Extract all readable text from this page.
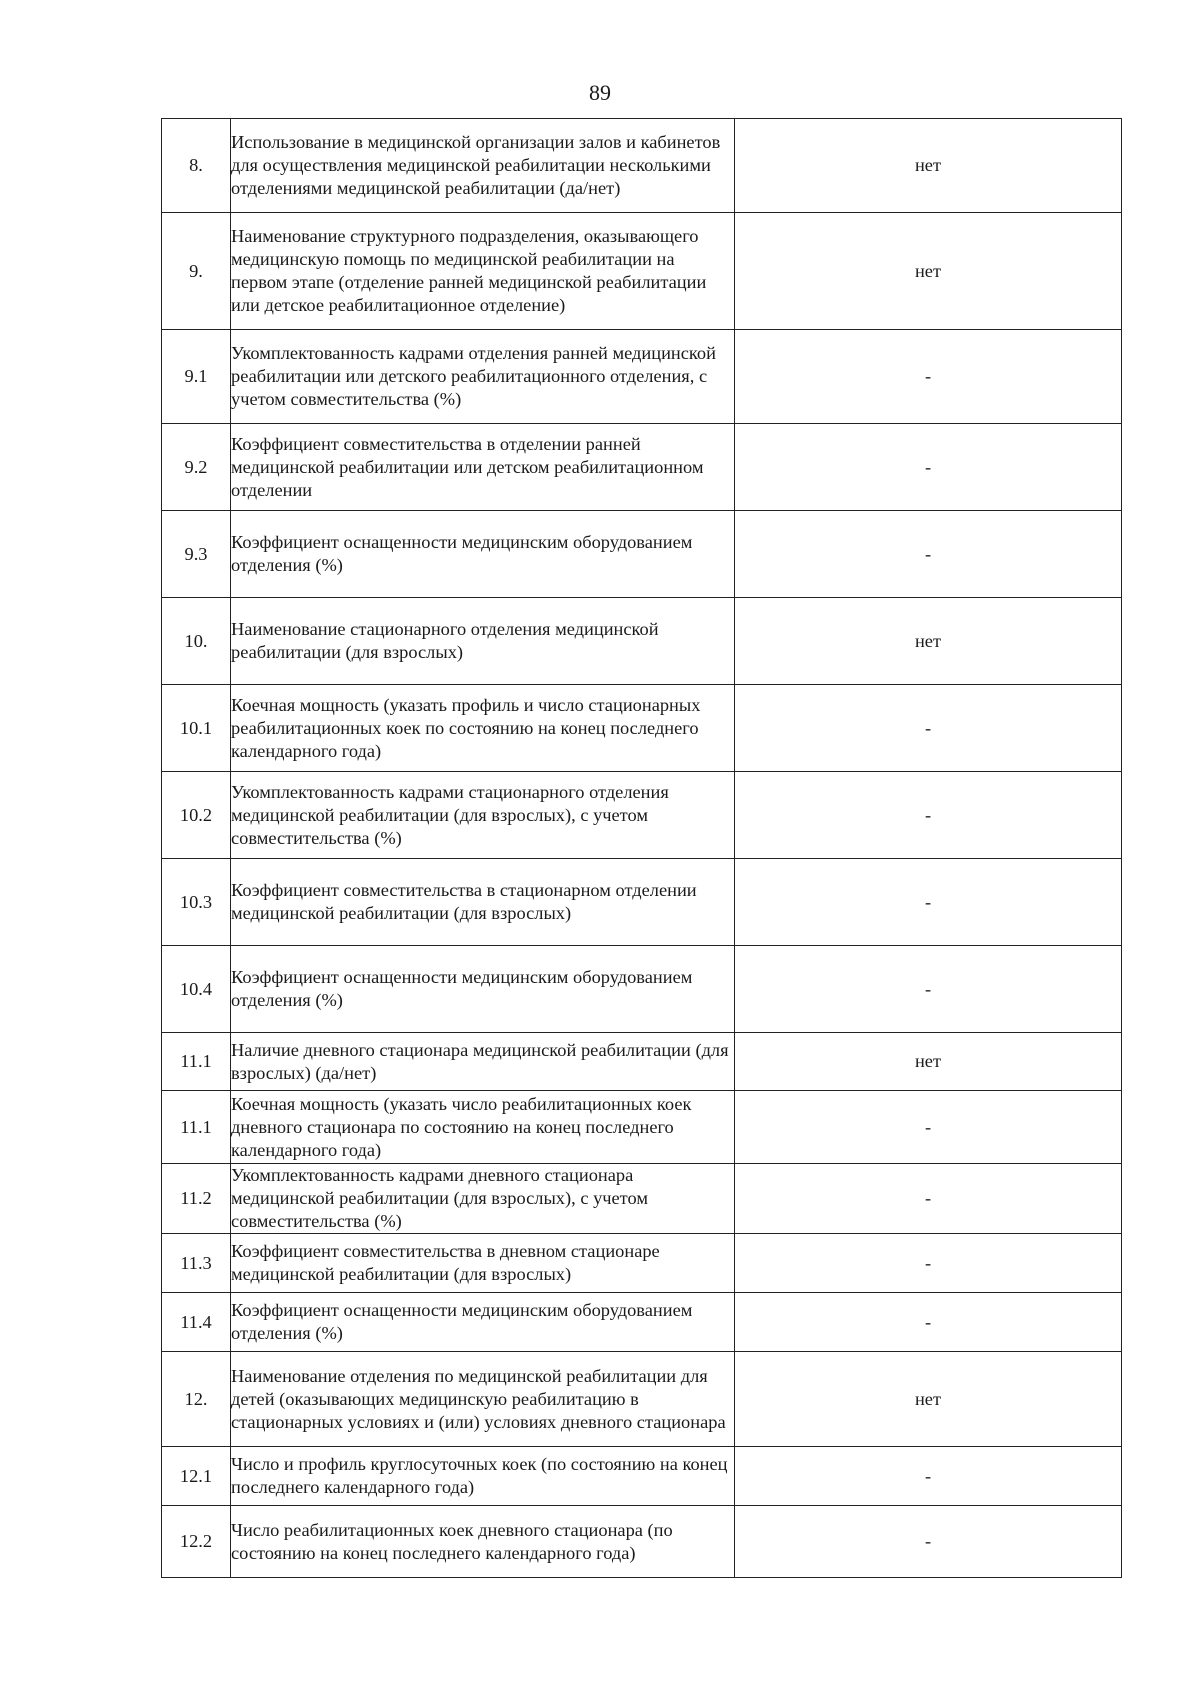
89
8.	Использование в медицинской организации залов и кабинетов для осуществления медицинской реабилитации несколькими отделениями медицинской реабилитации (да/нет)	нет
9.	Наименование структурного подразделения, оказывающего медицинскую помощь по медицинской реабилитации на первом этапе (отделение ранней медицинской реабилитации или детское реабилитационное отделение)	нет
9.1	Укомплектованность кадрами отделения ранней медицинской реабилитации или детского реабилитационного отделения, с учетом совместительства (%)	-
9.2	Коэффициент совместительства в отделении ранней медицинской реабилитации или детском реабилитационном отделении	-
9.3	Коэффициент оснащенности медицинским оборудованием отделения (%)	-
10.	Наименование стационарного отделения медицинской реабилитации (для взрослых)	нет
10.1	Коечная мощность (указать профиль и число стационарных реабилитационных коек по состоянию на конец последнего календарного года)	-
10.2	Укомплектованность кадрами стационарного отделения медицинской реабилитации (для взрослых), с учетом совместительства (%)	-
10.3	Коэффициент совместительства в стационарном отделении медицинской реабилитации (для взрослых)	-
10.4	Коэффициент оснащенности медицинским оборудованием отделения (%)	-
11.1	Наличие дневного стационара медицинской реабилитации (для взрослых) (да/нет)	нет
11.1	Коечная мощность (указать число реабилитационных коек дневного стационара по состоянию на конец последнего календарного года)	-
11.2	Укомплектованность кадрами дневного стационара медицинской реабилитации (для взрослых), с учетом совместительства (%)	-
11.3	Коэффициент совместительства в дневном стационаре медицинской реабилитации (для взрослых)	-
11.4	Коэффициент оснащенности медицинским оборудованием отделения (%)	-
12.	Наименование отделения по медицинской реабилитации для детей (оказывающих медицинскую реабилитацию в стационарных условиях и (или) условиях дневного стационара	нет
12.1	Число и профиль круглосуточных коек (по состоянию на конец последнего календарного года)	-
12.2	Число реабилитационных коек дневного стационара (по состоянию на конец последнего календарного года)	-
